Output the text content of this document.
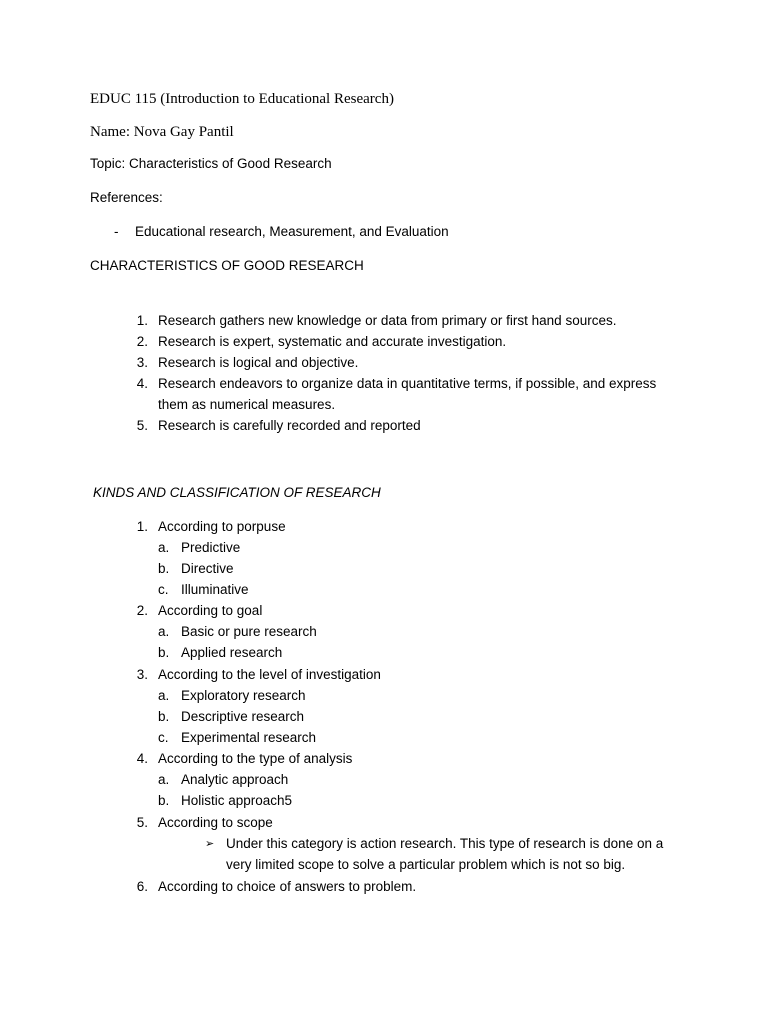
EDUC 115 (Introduction to Educational Research)
Name: Nova Gay Pantil
Topic: Characteristics of Good Research
References:
- Educational research, Measurement, and Evaluation
CHARACTERISTICS OF GOOD RESEARCH
1. Research gathers new knowledge or data from primary or first hand sources.
2. Research is expert, systematic and accurate investigation.
3. Research is logical and objective.
4. Research endeavors to organize data in quantitative terms, if possible, and express
them as numerical measures.
5. Research is carefully recorded and reported
KINDS AND CLASSIFICATION OF RESEARCH
1. According to porpuse
a. Predictive
b. Directive
c. Illuminative
2. According to goal
a. Basic or pure research
b. Applied research
3. According to the level of investigation
a. Exploratory research
b. Descriptive research
c. Experimental research
4. According to the type of analysis
a. Analytic approach
b. Holistic approach5
5. According to scope
➢ Under this category is action research. This type of research is done on a
very limited scope to solve a particular problem which is not so big.
6. According to choice of answers to problem.
